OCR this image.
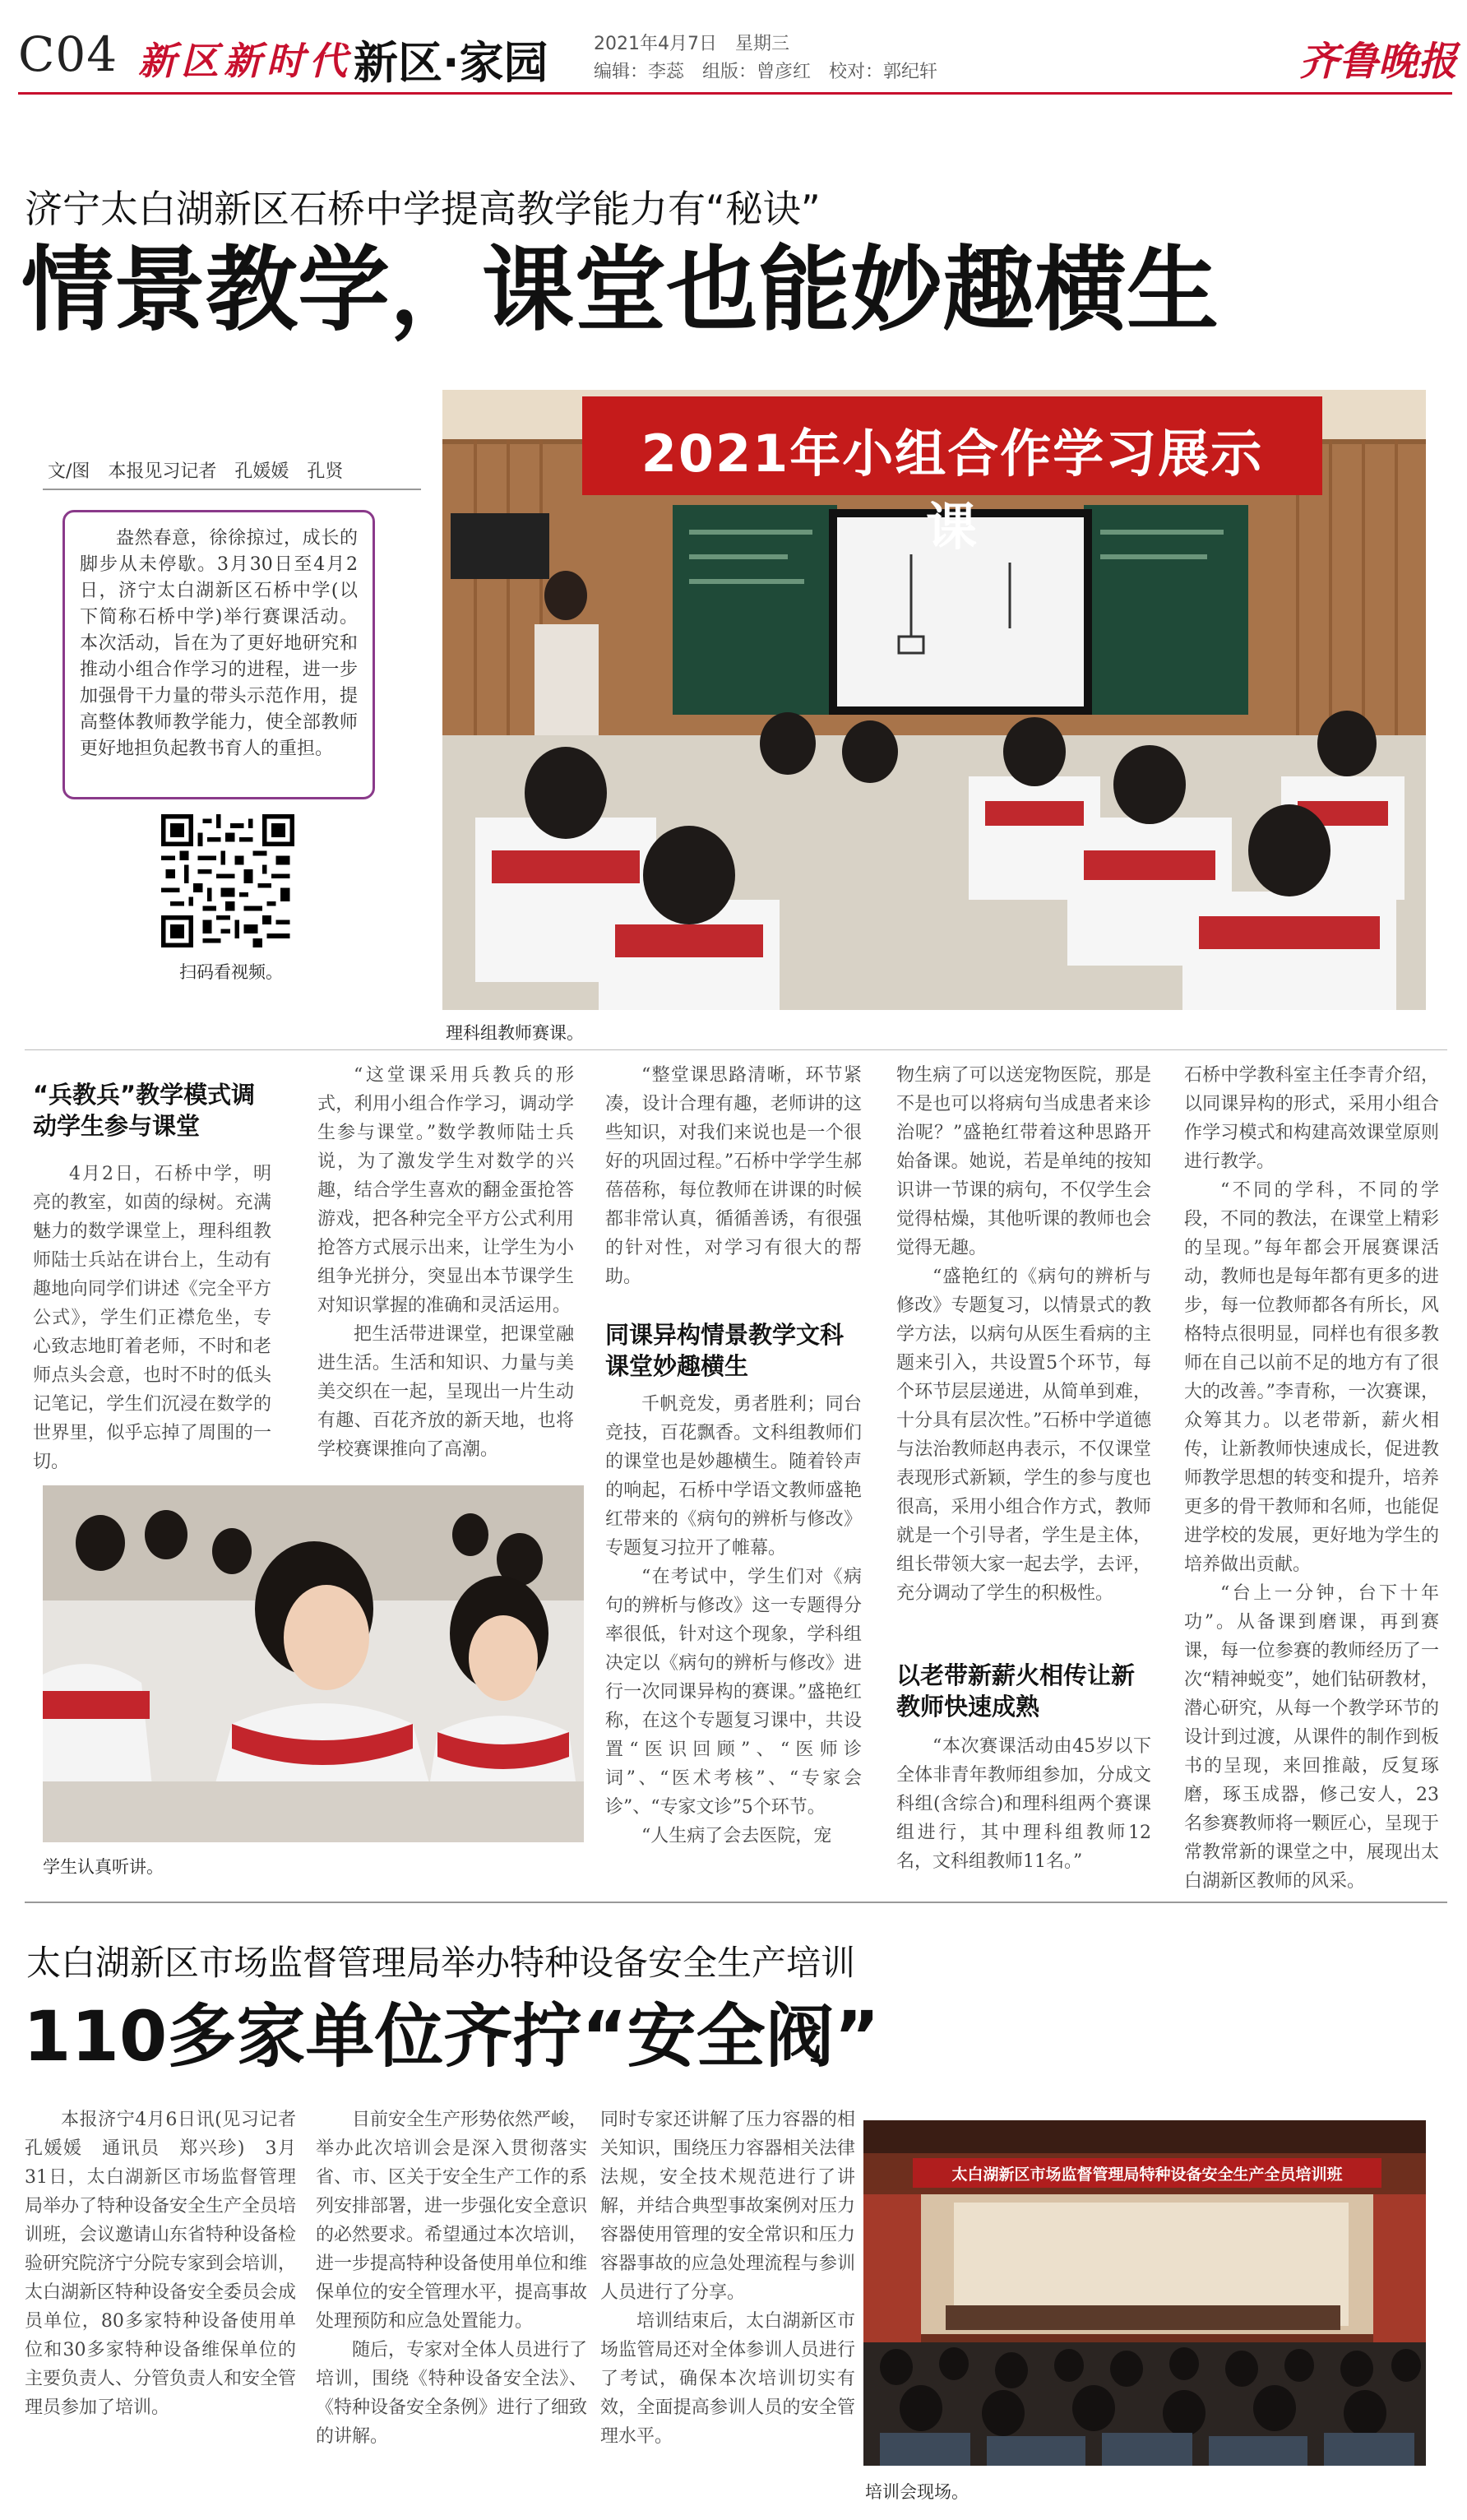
C04 新区新时代 新区·家园	2021年4月7日　星期三
编辑：李蕊　组版：曾彦红　校对：郭纪轩	齐鲁晚报
济宁太白湖新区石桥中学提高教学能力有“秘诀”
情景教学，课堂也能妙趣横生
文/图　本报见习记者　孔媛媛　孔贤

盎然春意，徐徐掠过，成长的脚步从未停歇。3月30日至4月2日，济宁太白湖新区石桥中学(以下简称石桥中学)举行赛课活动。本次活动，旨在为了更好地研究和推动小组合作学习的进程，进一步加强骨干力量的带头示范作用，提高整体教师教学能力，使全部教师更好地担负起教书育人的重担。

扫码看视频。
2021年小组合作学习展示课
理科组教师赛课。
“兵教兵”教学模式调动学生参与课堂

4月2日，石桥中学，明亮的教室，如茵的绿树。充满魅力的数学课堂上，理科组教师陆士兵站在讲台上，生动有趣地向同学们讲述《完全平方公式》，学生们正襟危坐，专心致志地盯着老师，不时和老师点头会意，也时不时的低头记笔记，学生们沉浸在数学的世界里，似乎忘掉了周围的一切。

“这堂课采用兵教兵的形式，利用小组合作学习，调动学生参与课堂。”数学教师陆士兵说，为了激发学生对数学的兴趣，结合学生喜欢的翻金蛋抢答游戏，把各种完全平方公式利用抢答方式展示出来，让学生为小组争光拼分，突显出本节课学生对知识掌握的准确和灵活运用。

把生活带进课堂，把课堂融进生活。生活和知识、力量与美美交织在一起，呈现出一片生动有趣、百花齐放的新天地，也将学校赛课推向了高潮。

“整堂课思路清晰，环节紧凑，设计合理有趣，老师讲的这些知识，对我们来说也是一个很好的巩固过程。”石桥中学学生郝蓓蓓称，每位教师在讲课的时候都非常认真，循循善诱，有很强的针对性，对学习有很大的帮助。

同课异构情景教学文科课堂妙趣横生

千帆竞发，勇者胜利；同台竞技，百花飘香。文科组教师们的课堂也是妙趣横生。随着铃声的响起，石桥中学语文教师盛艳红带来的《病句的辨析与修改》专题复习拉开了帷幕。

“在考试中，学生们对《病句的辨析与修改》这一专题得分率很低，针对这个现象，学科组决定以《病句的辨析与修改》进行一次同课异构的赛课。”盛艳红称，在这个专题复习课中，共设置“医识回顾”、“医师诊词”、“医术考核”、“专家会诊”、“专家文诊”5个环节。

“人生病了会去医院，宠

物生病了可以送宠物医院，那是不是也可以将病句当成患者来诊治呢？”盛艳红带着这种思路开始备课。她说，若是单纯的按知识讲一节课的病句，不仅学生会觉得枯燥，其他听课的教师也会觉得无趣。

“盛艳红的《病句的辨析与修改》专题复习，以情景式的教学方法，以病句从医生看病的主题来引入，共设置5个环节，每个环节层层递进，从简单到难，十分具有层次性。”石桥中学道德与法治教师赵冉表示，不仅课堂表现形式新颖，学生的参与度也很高，采用小组合作方式，教师就是一个引导者，学生是主体，组长带领大家一起去学，去评，充分调动了学生的积极性。

以老带新薪火相传让新教师快速成熟

“本次赛课活动由45岁以下全体非青年教师组参加，分成文科组(含综合)和理科组两个赛课组进行，其中理科组教师12名，文科组教师11名。”

石桥中学教科室主任李青介绍，以同课异构的形式，采用小组合作学习模式和构建高效课堂原则进行教学。

“不同的学科，不同的学段，不同的教法，在课堂上精彩的呈现。”每年都会开展赛课活动，教师也是每年都有更多的进步，每一位教师都各有所长，风格特点很明显，同样也有很多教师在自己以前不足的地方有了很大的改善。”李青称，一次赛课，众筹其力。以老带新，薪火相传，让新教师快速成长，促进教师教学思想的转变和提升，培养更多的骨干教师和名师，也能促进学校的发展，更好地为学生的培养做出贡献。

“台上一分钟，台下十年功”。从备课到磨课，再到赛课，每一位参赛的教师经历了一次“精神蜕变”，她们钻研教材，潜心研究，从每一个教学环节的设计到过渡，从课件的制作到板书的呈现，来回推敲，反复琢磨，琢玉成器，修己安人，23名参赛教师将一颗匠心，呈现于常教常新的课堂之中，展现出太白湖新区教师的风采。

学生认真听讲。
太白湖新区市场监督管理局举办特种设备安全生产培训
110多家单位齐拧“安全阀”

本报济宁4月6日讯(见习记者　孔媛媛　通讯员　郑兴珍)　3月31日，太白湖新区市场监督管理局举办了特种设备安全生产全员培训班，会议邀请山东省特种设备检验研究院济宁分院专家到会培训，太白湖新区特种设备安全委员会成员单位，80多家特种设备使用单位和30多家特种设备维保单位的主要负责人、分管负责人和安全管理员参加了培训。

目前安全生产形势依然严峻，举办此次培训会是深入贯彻落实省、市、区关于安全生产工作的系列安排部署，进一步强化安全意识的必然要求。希望通过本次培训，进一步提高特种设备使用单位和维保单位的安全管理水平，提高事故处理预防和应急处置能力。

随后，专家对全体人员进行了培训，围绕《特种设备安全法》、《特种设备安全条例》进行了细致的讲解。

同时专家还讲解了压力容器的相关知识，围绕压力容器相关法律法规，安全技术规范进行了讲解，并结合典型事故案例对压力容器使用管理的安全常识和压力容器事故的应急处理流程与参训人员进行了分享。

培训结束后，太白湖新区市场监管局还对全体参训人员进行了考试，确保本次培训切实有效，全面提高参训人员的安全管理水平。

太白湖新区市场监督管理局特种设备安全生产全员培训班
培训会现场。
